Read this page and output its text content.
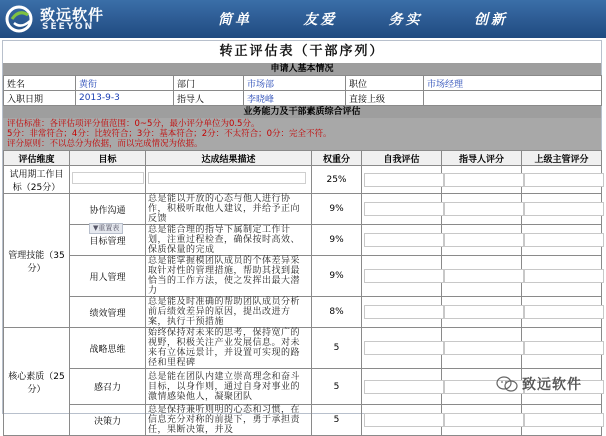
致远软件
SEEYON	简单	友爱	务实	创新
转正评估表（干部序列）
申请人基本情况
姓名	黄衔	部门	市场部	职位	市场经理
入职日期	2013-9-3	指导人	李晓峰	直接上级	
业务能力及干部素质综合评估
评估标准：各评估项评分值范围：0~5分，最小评分单位为0.5分。
5分：非常符合；4分：比较符合；3分：基本符合；2分：不太符合；0分：完全不符。
评分原则：不以总分为依据，而以完成情况为依据。
评估维度	目标	达成结果描述	权重分	自我评估	指导人评分	上级主管评分
试用期工作目标（25分）			25%			
管理技能（35分）	协作沟通	总是能以开放的心态与他人进行协作，积极听取他人建议，并给予正向反馈	9%			
	目标管理	总是能合理的指导下属制定工作计划，注重过程检查，确保按时高效、保质保量的完成	9%			
	用人管理	总是能掌握模团队成员的个体差异采取针对性的管理措施，帮助其找到最恰当的工作方法，使之发挥出最大潜力	9%			
	绩效管理	总是能及时准确的帮助团队成员分析前后绩效差异的原因，提出改进方案，执行干预措施	8%			
核心素质（25分）	战略思维	始终保持对未来的思考，保持宽广的视野，积极关注产业发展信息。对未来有立体远景计，并设置可实现的路径和里程碑	5			
	感召力	总是能在团队内建立崇高理念和奋斗目标，以身作则，通过自身对事业的激情感染他人，凝聚团队	5			
	决策力	总是保持兼听则明的心态和习惯，在信息充分对称的前提下，勇于承担责任，果断决策，并及	5			
▼重置表
致远软件
